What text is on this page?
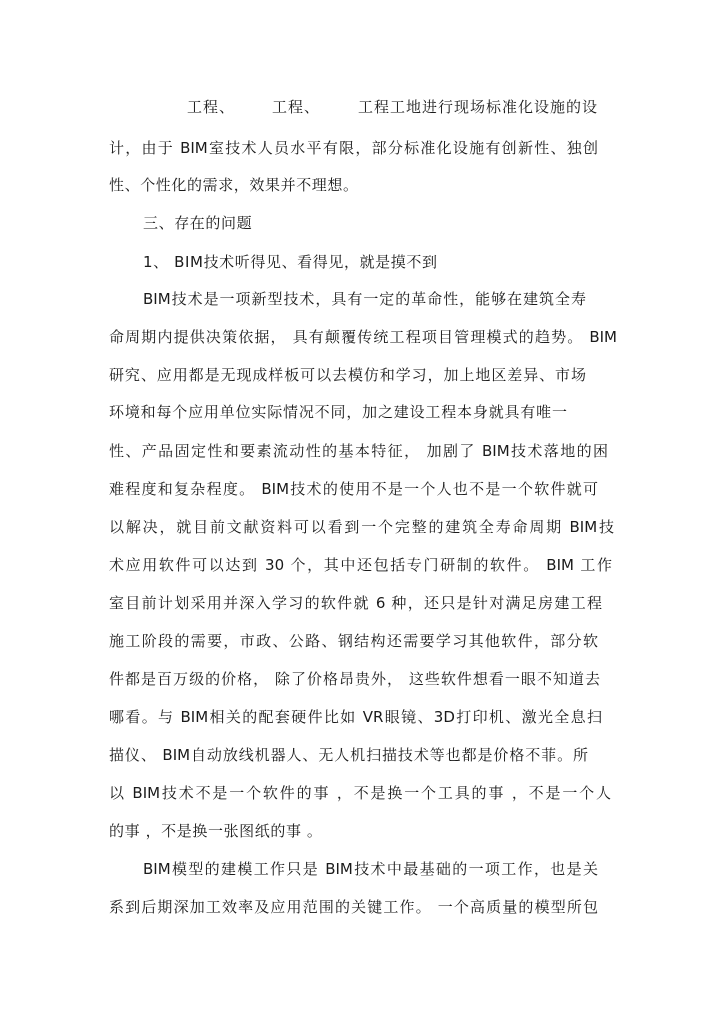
工程、 工程、	工程工地进行现场标准化设施的设
计，由于 BIM室技术人员水平有限，部分标准化设施有创新性、独创
性、个性化的需求，效果并不理想。
三、存在的问题
1、 BIM技术听得见、看得见，就是摸不到
BIM技术是一项新型技术，具有一定的革命性，能够在建筑全寿
命周期内提供决策依据， 具有颠覆传统工程项目管理模式的趋势。 BIM
研究、应用都是无现成样板可以去模仿和学习，加上地区差异、市场
环境和每个应用单位实际情况不同，加之建设工程本身就具有唯一
性、产品固定性和要素流动性的基本特征， 加剧了 BIM技术落地的困
难程度和复杂程度。 BIM技术的使用不是一个人也不是一个软件就可
以解决，就目前文献资料可以看到一个完整的建筑全寿命周期 BIM技
术应用软件可以达到 30 个，其中还包括专门研制的软件。 BIM 工作
室目前计划采用并深入学习的软件就 6 种，还只是针对满足房建工程
施工阶段的需要，市政、公路、钢结构还需要学习其他软件，部分软
件都是百万级的价格， 除了价格昂贵外， 这些软件想看一眼不知道去
哪看。与 BIM相关的配套硬件比如 VR眼镜、3D打印机、激光全息扫
描仪、 BIM自动放线机器人、无人机扫描技术等也都是价格不菲。所
以 BIM技术不是一个软件的事 ，不是换一个工具的事 ，不是一个人
的事 ，不是换一张图纸的事 。
BIM模型的建模工作只是 BIM技术中最基础的一项工作，也是关
系到后期深加工效率及应用范围的关键工作。 一个高质量的模型所包
